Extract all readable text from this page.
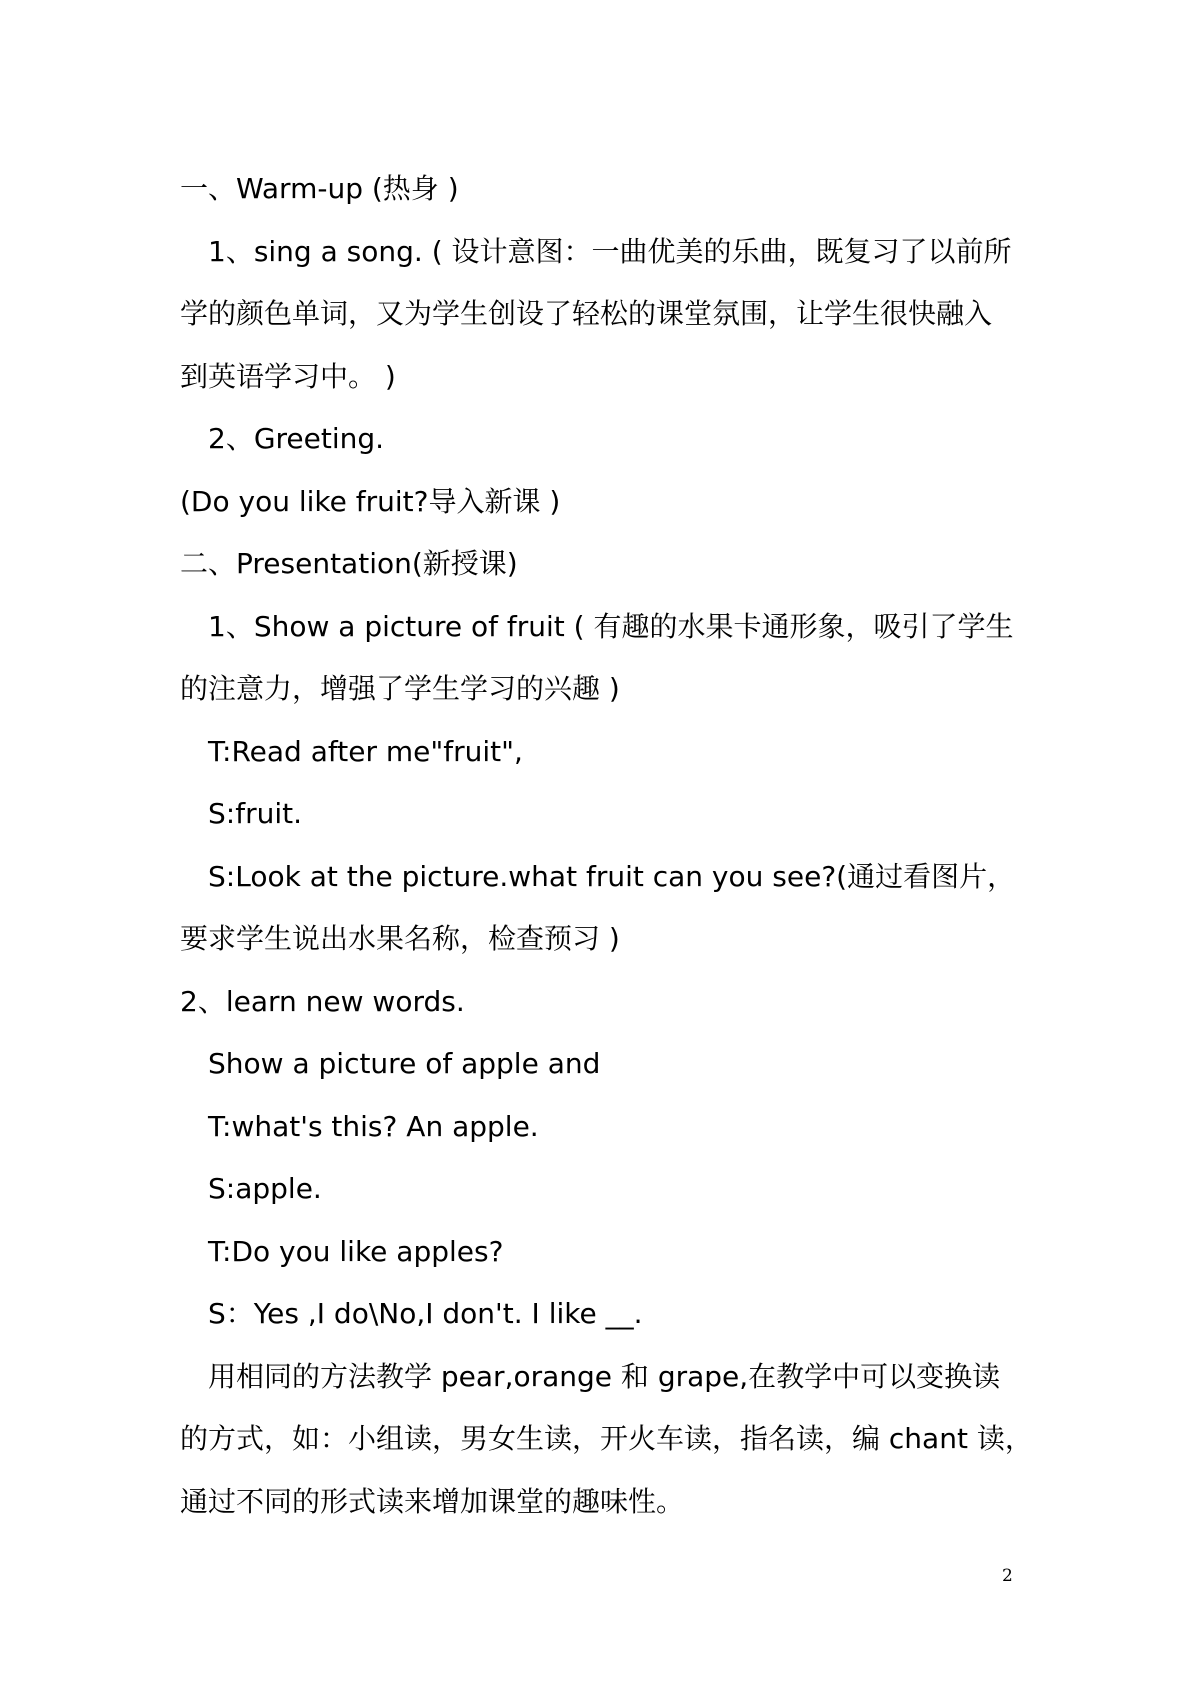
一、Warm-up (热身 )
1、sing a song. ( 设计意图：一曲优美的乐曲，既复习了以前所
学的颜色单词，又为学生创设了轻松的课堂氛围，让学生很快融入
到英语学习中。 )
2、Greeting.
(Do you like fruit?导入新课 )
二、Presentation(新授课)
1、Show a picture of fruit ( 有趣的水果卡通形象，吸引了学生
的注意力，增强了学生学习的兴趣 )
T:Read after me"fruit",
S:fruit.
S:Look at the picture.what fruit can you see?(通过看图片，
要求学生说出水果名称，检查预习 )
2、learn new words.
Show a picture of apple and
T:what's this? An apple.
S:apple.
T:Do you like apples?
S：Yes ,I do\No,I don't. I like __.
用相同的方法教学 pear,orange 和 grape,在教学中可以变换读
的方式，如：小组读，男女生读，开火车读，指名读，编 chant 读，
通过不同的形式读来增加课堂的趣味性。
2
